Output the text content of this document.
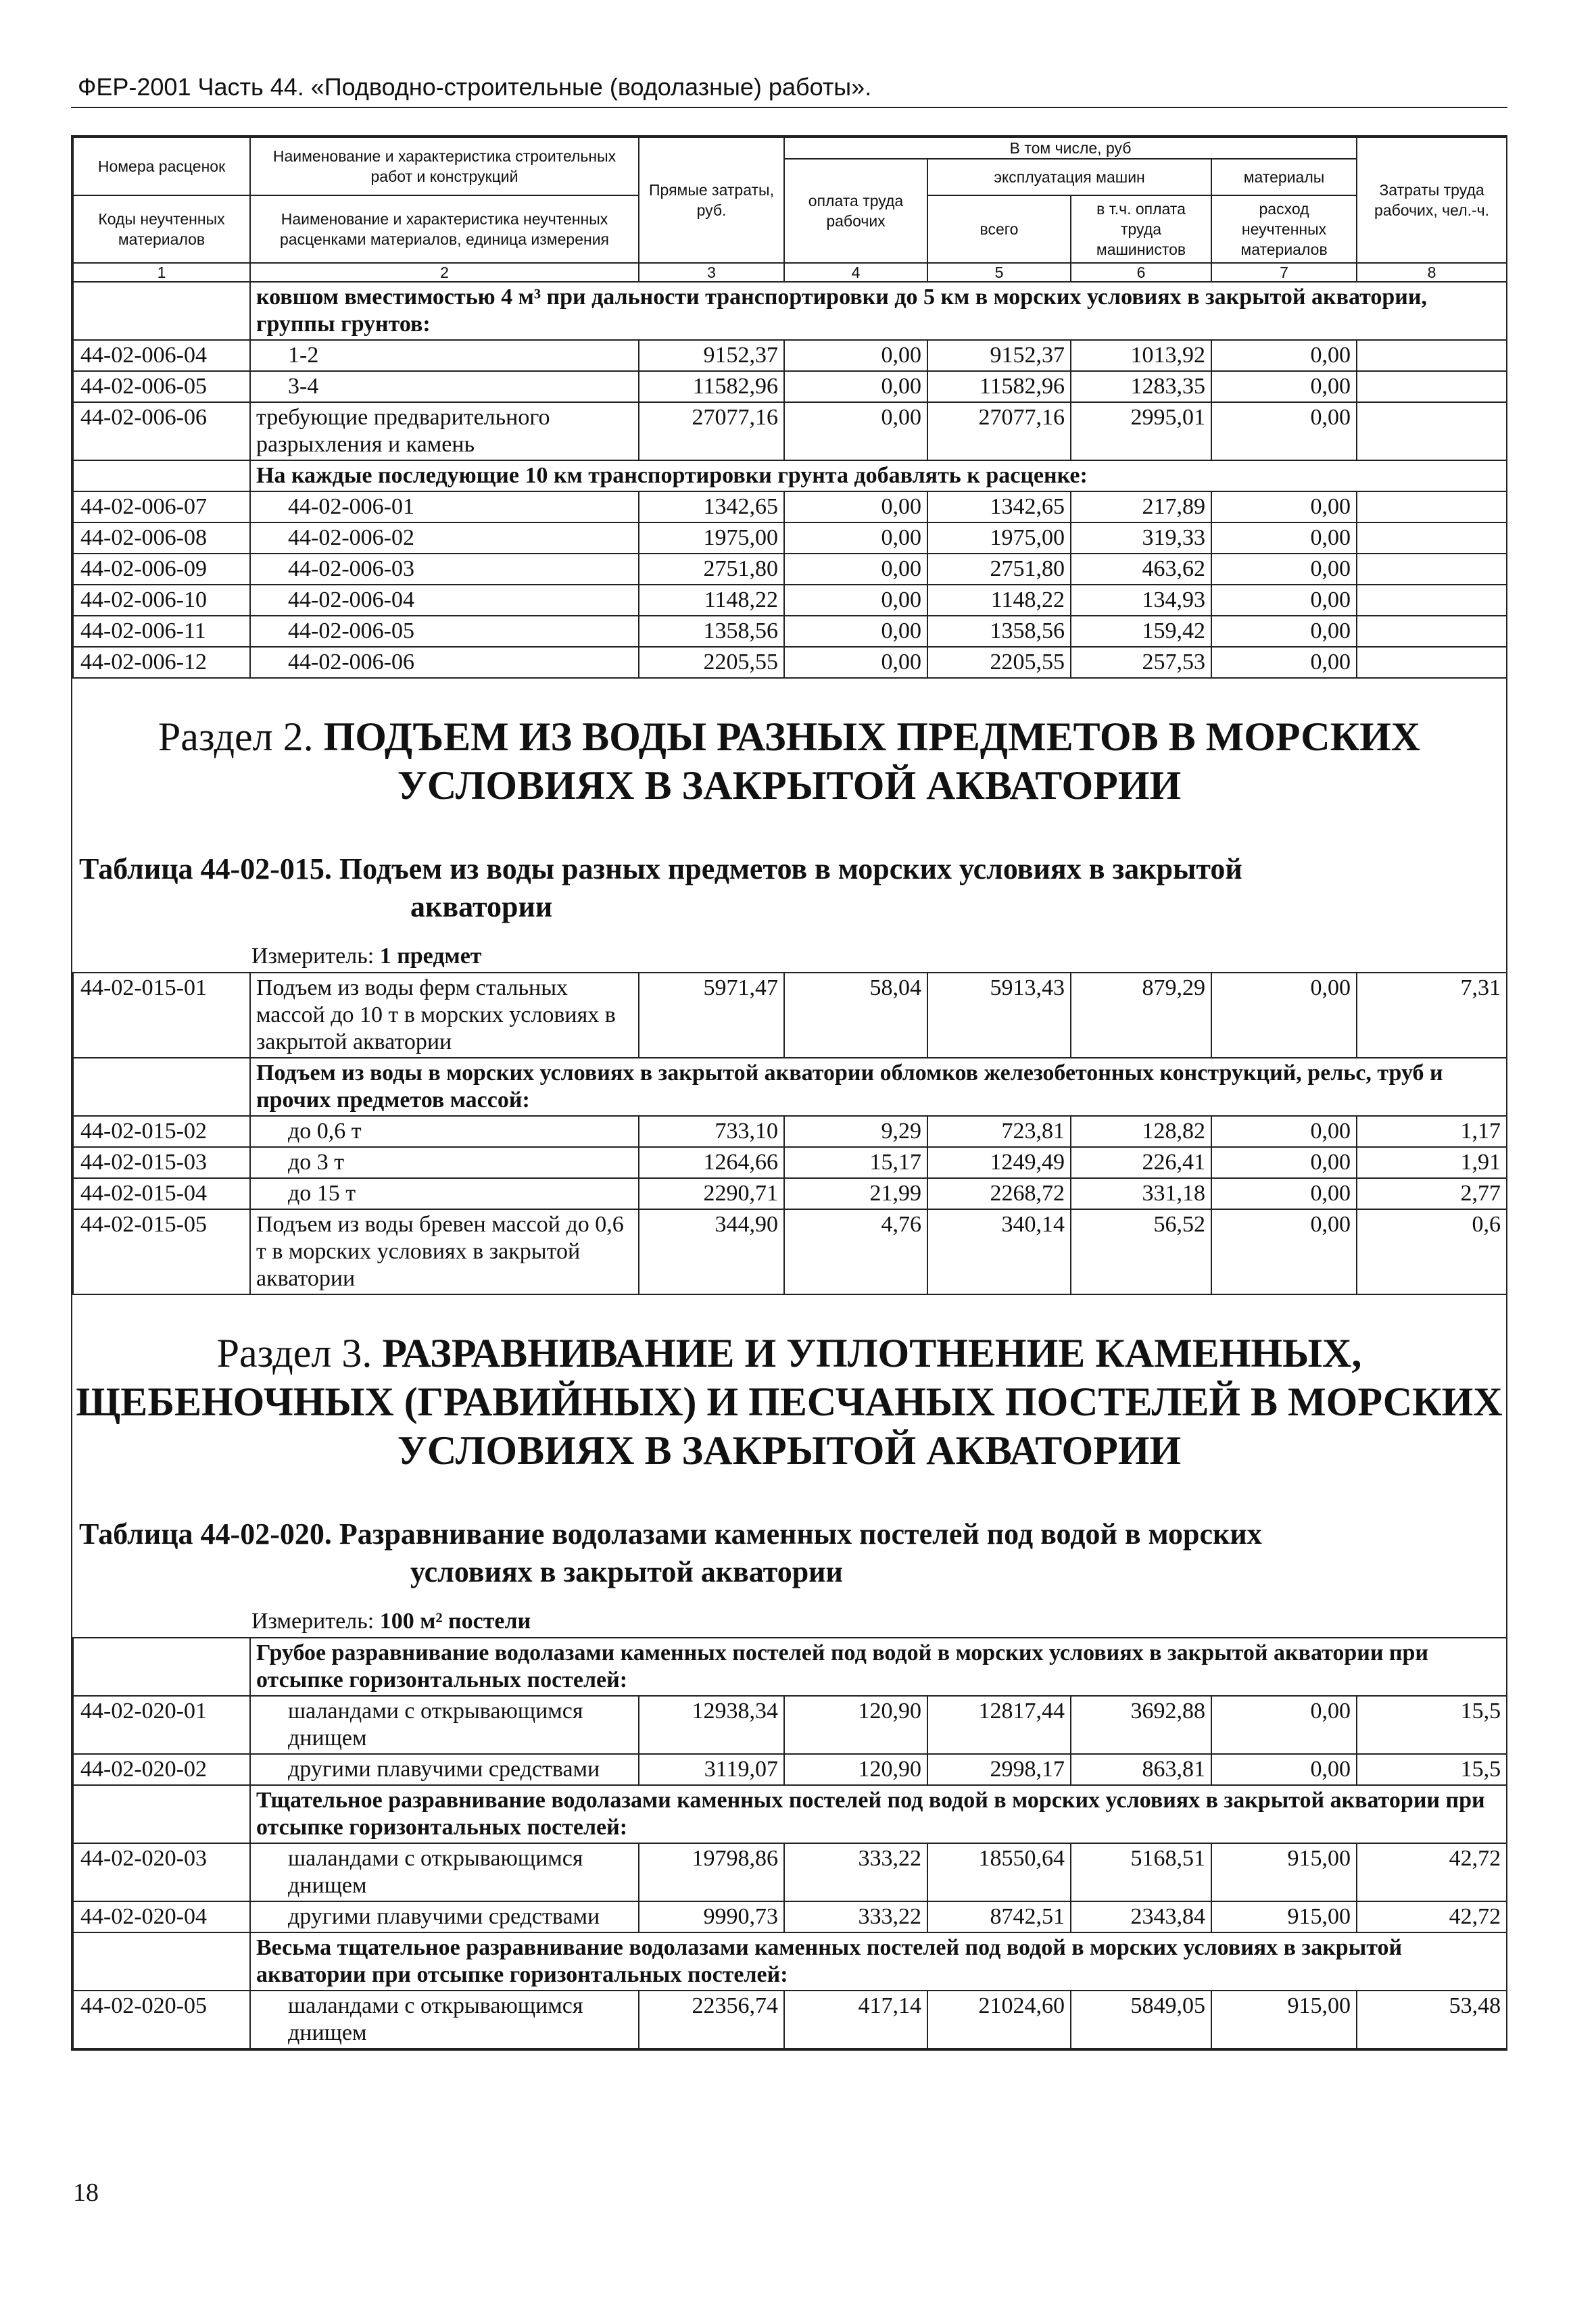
ФЕР-2001 Часть 44. «Подводно-строительные (водолазные) работы».
Номера расценок	Наименование и характеристика строительных работ и конструкций	Прямые затраты, руб.	В том числе, руб				Затраты труда рабочих, чел.-ч.
			оплата труда рабочих	эксплуатация машин		материалы	
Коды неучтенных материалов	Наименование и характеристика неучтенных расценками материалов, единица измерения			всего	в т.ч. оплата труда машинистов	расход неучтенных материалов	
1	2	3	4	5	6	7	8
	ковшом вместимостью 4 м³ при дальности транспортировки до 5 км в морских условиях в закрытой акватории, группы грунтов:						
44-02-006-04	1-2	9152,37	0,00	9152,37	1013,92	0,00	
44-02-006-05	3-4	11582,96	0,00	11582,96	1283,35	0,00	
44-02-006-06	требующие предварительного разрыхления и камень	27077,16	0,00	27077,16	2995,01	0,00	
	На каждые последующие 10 км транспортировки грунта добавлять к расценке:						
44-02-006-07	44-02-006-01	1342,65	0,00	1342,65	217,89	0,00	
44-02-006-08	44-02-006-02	1975,00	0,00	1975,00	319,33	0,00	
44-02-006-09	44-02-006-03	2751,80	0,00	2751,80	463,62	0,00	
44-02-006-10	44-02-006-04	1148,22	0,00	1148,22	134,93	0,00	
44-02-006-11	44-02-006-05	1358,56	0,00	1358,56	159,42	0,00	
44-02-006-12	44-02-006-06	2205,55	0,00	2205,55	257,53	0,00	
Раздел 2. ПОДЪЕМ ИЗ ВОДЫ РАЗНЫХ ПРЕДМЕТОВ В МОРСКИХ УСЛОВИЯХ В ЗАКРЫТОЙ АКВАТОРИИ
Таблица 44-02-015. Подъем из воды разных предметов в морских условиях в закрытой
акватории
Измеритель: 1 предмет
44-02-015-01	Подъем из воды ферм стальных массой до 10 т в морских условиях в закрытой акватории	5971,47	58,04	5913,43	879,29	0,00	7,31
	Подъем из воды в морских условиях в закрытой акватории обломков железобетонных конструкций, рельс, труб и прочих предметов массой:						
44-02-015-02	до 0,6 т	733,10	9,29	723,81	128,82	0,00	1,17
44-02-015-03	до 3 т	1264,66	15,17	1249,49	226,41	0,00	1,91
44-02-015-04	до 15 т	2290,71	21,99	2268,72	331,18	0,00	2,77
44-02-015-05	Подъем из воды бревен массой до 0,6 т в морских условиях в закрытой акватории	344,90	4,76	340,14	56,52	0,00	0,6
Раздел 3. РАЗРАВНИВАНИЕ И УПЛОТНЕНИЕ КАМЕННЫХ, ЩЕБЕНОЧНЫХ (ГРАВИЙНЫХ) И ПЕСЧАНЫХ ПОСТЕЛЕЙ В МОРСКИХ УСЛОВИЯХ В ЗАКРЫТОЙ АКВАТОРИИ
Таблица 44-02-020. Разравнивание водолазами каменных постелей под водой в морских
условиях в закрытой акватории
Измеритель: 100 м² постели
	Грубое разравнивание водолазами каменных постелей под водой в морских условиях в закрытой акватории при отсыпке горизонтальных постелей:						
44-02-020-01	шаландами с открывающимся днищем	12938,34	120,90	12817,44	3692,88	0,00	15,5
44-02-020-02	другими плавучими средствами	3119,07	120,90	2998,17	863,81	0,00	15,5
	Тщательное разравнивание водолазами каменных постелей под водой в морских условиях в закрытой акватории при отсыпке горизонтальных постелей:						
44-02-020-03	шаландами с открывающимся днищем	19798,86	333,22	18550,64	5168,51	915,00	42,72
44-02-020-04	другими плавучими средствами	9990,73	333,22	8742,51	2343,84	915,00	42,72
	Весьма тщательное разравнивание водолазами каменных постелей под водой в морских условиях в закрытой акватории при отсыпке горизонтальных постелей:						
44-02-020-05	шаландами с открывающимся днищем	22356,74	417,14	21024,60	5849,05	915,00	53,48
18
